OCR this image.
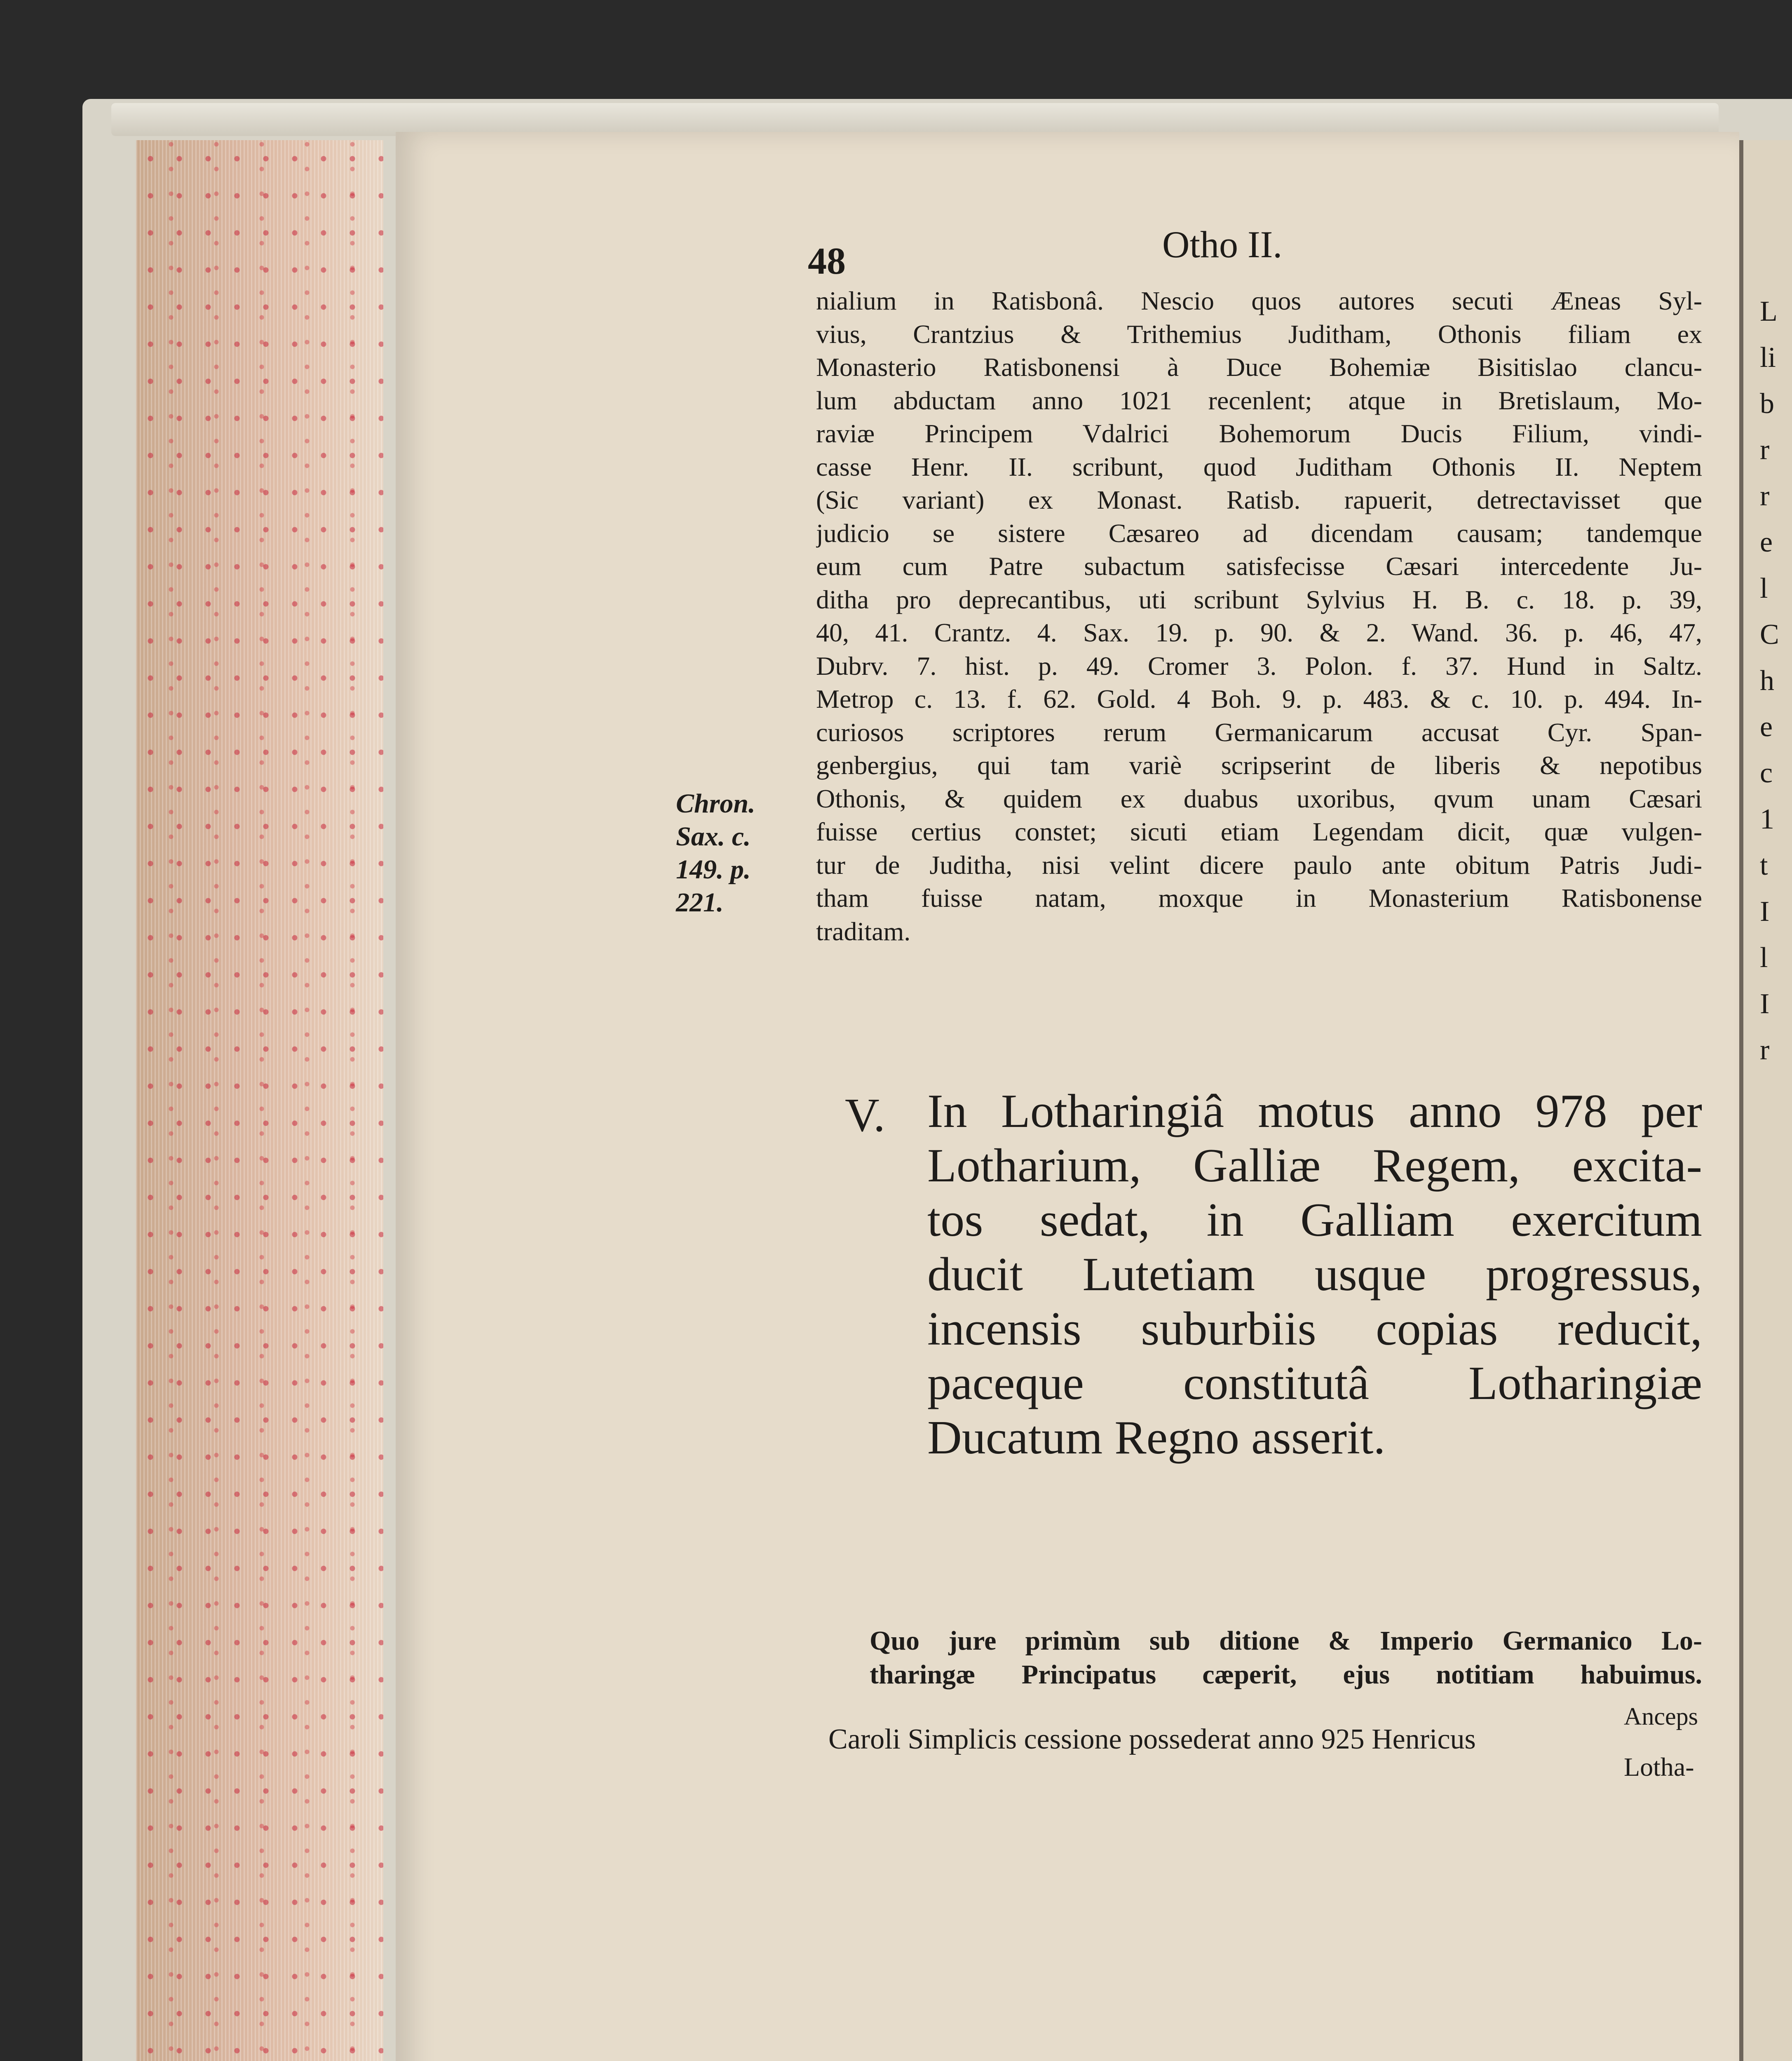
L
li
b
r
r
e
l
C
h
e
c
1
t
I
l
I
r
48	Otho II.
Chron.
Sax. c.
149. p.
221.
nialium in Ratisbonâ. Nescio quos autores secuti Æneas Syl-
vius, Crantzius & Trithemius Juditham, Othonis filiam ex
Monasterio Ratisbonensi à Duce Bohemiæ Bisitislao clancu-
lum abductam anno 1021 recenlent; atque in Bretislaum, Mo-
raviæ Principem Vdalrici Bohemorum Ducis Filium, vindi-
casse Henr. II. scribunt, quod Juditham Othonis II. Neptem
(Sic variant) ex Monast. Ratisb. rapuerit, detrectavisset que
judicio se sistere Cæsareo ad dicendam causam; tandemque
eum cum Patre subactum satisfecisse Cæsari intercedente Ju-
ditha pro deprecantibus, uti scribunt Sylvius H. B. c. 18. p. 39,
40, 41. Crantz. 4. Sax. 19. p. 90. & 2. Wand. 36. p. 46, 47,
Dubrv. 7. hist. p. 49. Cromer 3. Polon. f. 37. Hund in Saltz.
Metrop c. 13. f. 62. Gold. 4 Boh. 9. p. 483. & c. 10. p. 494. In-
curiosos scriptores rerum Germanicarum accusat Cyr. Span-
genbergius, qui tam variè scripserint de liberis & nepotibus
Othonis, & quidem ex duabus uxoribus, qvum unam Cæsari
fuisse certius constet; sicuti etiam Legendam dicit, quæ vulgen-
tur de Juditha, nisi velint dicere paulo ante obitum Patris Judi-
tham fuisse natam, moxque in Monasterium Ratisbonense
traditam.
V. In Lotharingiâ motus anno 978 per
Lotharium, Galliæ Regem, excita-
tos sedat, in Galliam exercitum
ducit Lutetiam usque progressus,
incensis suburbiis copias reducit,
paceque constitutâ Lotharingiæ
Ducatum Regno asserit.
Quo jure primùm sub ditione & Imperio Germanico Lo-
tharingæ Principatus cæperit, ejus notitiam habuimus.
Caroli Simplicis cessione possederat anno 925 Henricus
Anceps
Lotha-
